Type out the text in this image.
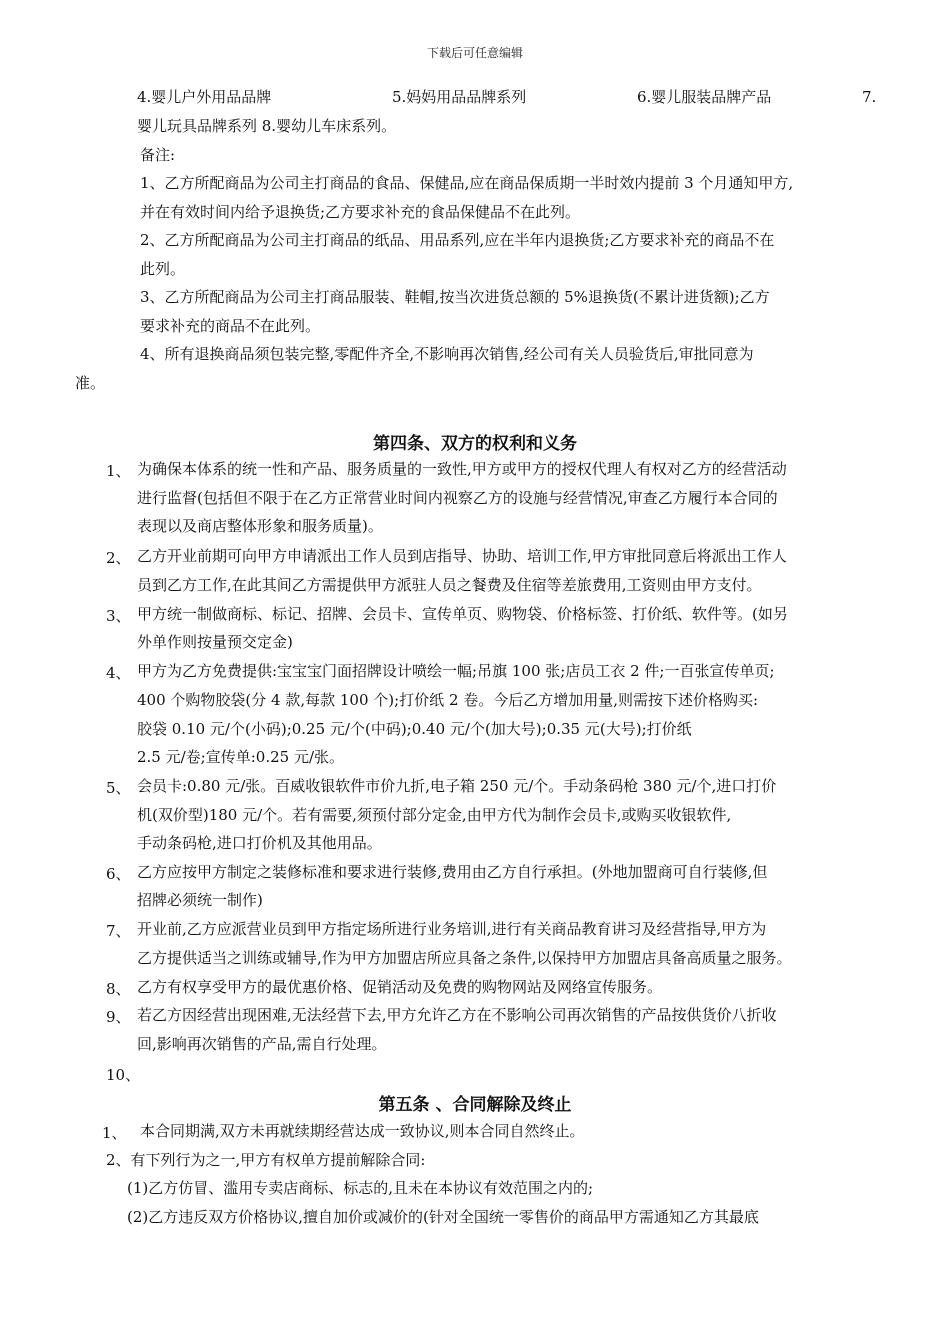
下载后可任意编辑
4.婴儿户外用品品牌	5.妈妈用品品牌系列	6.婴儿服装品牌产品	7.
婴儿玩具品牌系列 8.婴幼儿车床系列。
备注:
1、乙方所配商品为公司主打商品的食品、保健品,应在商品保质期一半时效内提前 3 个月通知甲方,
并在有效时间内给予退换货;乙方要求补充的食品保健品不在此列。
2、乙方所配商品为公司主打商品的纸品、用品系列,应在半年内退换货;乙方要求补充的商品不在
此列。
3、乙方所配商品为公司主打商品服装、鞋帽,按当次进货总额的 5%退换货(不累计进货额);乙方
要求补充的商品不在此列。
4、所有退换商品须包装完整,零配件齐全,不影响再次销售,经公司有关人员验货后,审批同意为
准。
第四条、双方的权利和义务
1、 为确保本体系的统一性和产品、服务质量的一致性,甲方或甲方的授权代理人有权对乙方的经营活动
进行监督(包括但不限于在乙方正常营业时间内视察乙方的设施与经营情况,审查乙方履行本合同的
表现以及商店整体形象和服务质量)。
2、 乙方开业前期可向甲方申请派出工作人员到店指导、协助、培训工作,甲方审批同意后将派出工作人
员到乙方工作,在此其间乙方需提供甲方派驻人员之餐费及住宿等差旅费用,工资则由甲方支付。
3、 甲方统一制做商标、标记、招牌、会员卡、宣传单页、购物袋、价格标签、打价纸、软件等。(如另
外单作则按量预交定金)
4、 甲方为乙方免费提供:宝宝宝门面招牌设计喷绘一幅;吊旗 100 张;店员工衣 2 件;一百张宣传单页;
400 个购物胶袋(分 4 款,每款 100 个);打价纸 2 卷。今后乙方增加用量,则需按下述价格购买:
胶袋 0.10 元/个(小码);0.25 元/个(中码);0.40 元/个(加大号);0.35 元(大号);打价纸
2.5 元/卷;宣传单:0.25 元/张。
5、 会员卡:0.80 元/张。百威收银软件市价九折,电子箱 250 元/个。手动条码枪 380 元/个,进口打价
机(双价型)180 元/个。若有需要,须预付部分定金,由甲方代为制作会员卡,或购买收银软件,
手动条码枪,进口打价机及其他用品。
6、 乙方应按甲方制定之装修标准和要求进行装修,费用由乙方自行承担。(外地加盟商可自行装修,但
招牌必须统一制作)
7、 开业前,乙方应派营业员到甲方指定场所进行业务培训,进行有关商品教育讲习及经营指导,甲方为
乙方提供适当之训练或辅导,作为甲方加盟店所应具备之条件,以保持甲方加盟店具备高质量之服务。
8、 乙方有权享受甲方的最优惠价格、促销活动及免费的购物网站及网络宣传服务。
9、 若乙方因经营出现困难,无法经营下去,甲方允许乙方在不影响公司再次销售的产品按供货价八折收
回,影响再次销售的产品,需自行处理。
10、
第五条 、合同解除及终止
1、 本合同期满,双方未再就续期经营达成一致协议,则本合同自然终止。
2、有下列行为之一,甲方有权单方提前解除合同:
(1)乙方仿冒、滥用专卖店商标、标志的,且未在本协议有效范围之内的;
(2)乙方违反双方价格协议,擅自加价或减价的(针对全国统一零售价的商品甲方需通知乙方其最底
